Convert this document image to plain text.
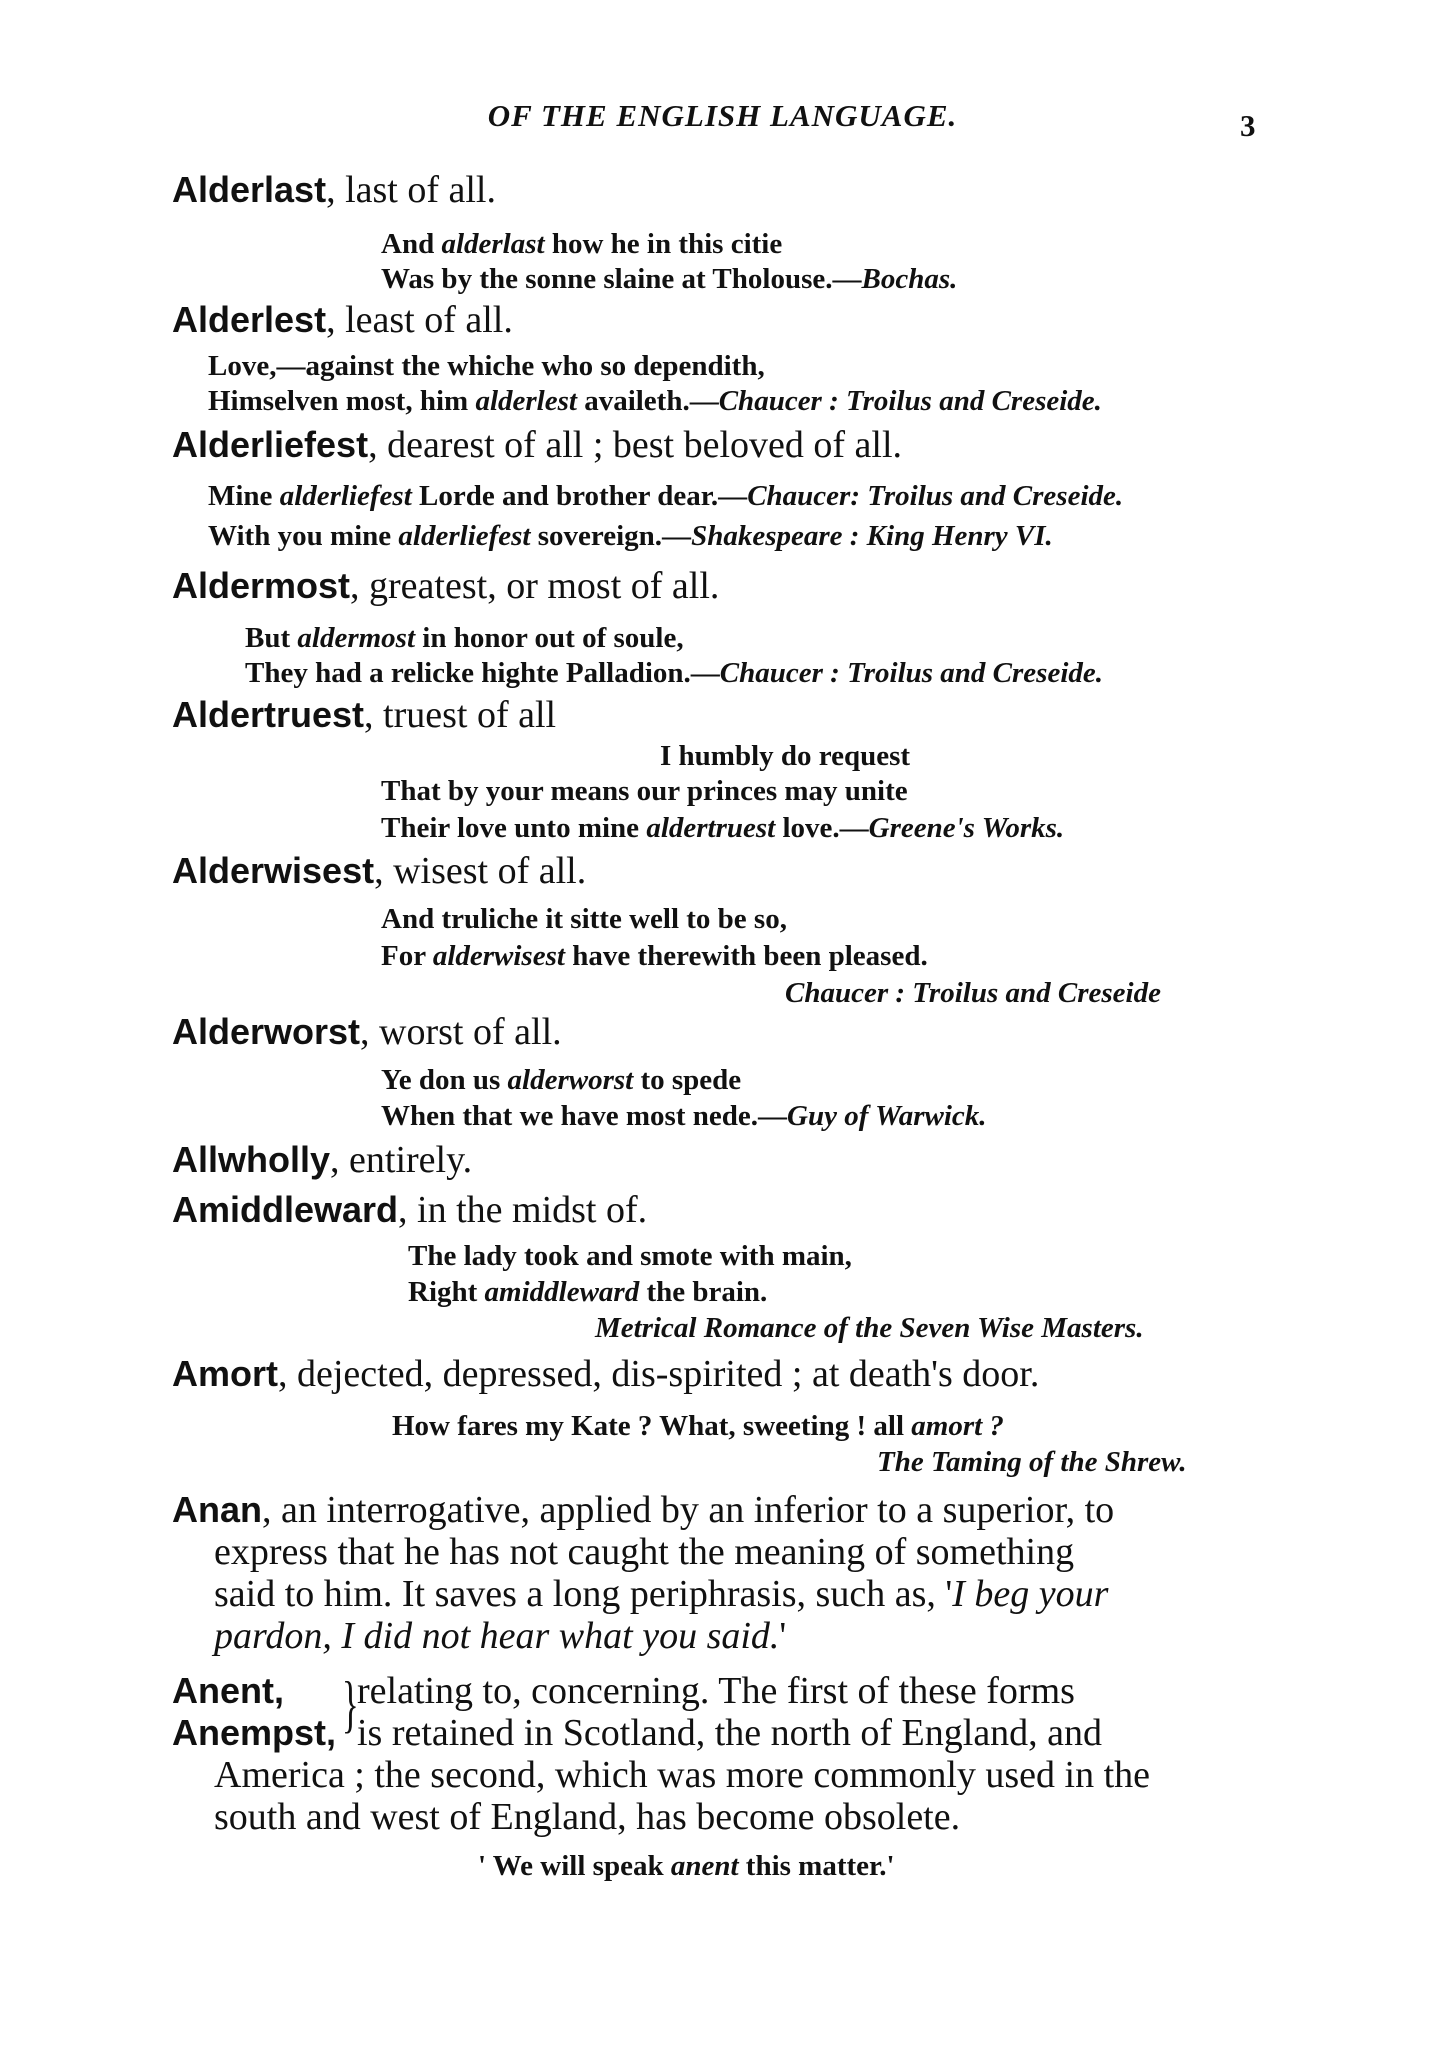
OF THE ENGLISH LANGUAGE.	3
Alderlast, last of all.
And alderlast how he in this citie
Was by the sonne slaine at Tholouse.—Bochas.
Alderlest, least of all.
Love,—against the whiche who so dependith,
Himselven most, him alderlest availeth.—Chaucer : Troilus and Creseide.
Alderliefest, dearest of all ; best beloved of all.
Mine alderliefest Lorde and brother dear.—Chaucer: Troilus and Creseide.
With you mine alderliefest sovereign.—Shakespeare : King Henry VI.
Aldermost, greatest, or most of all.
But aldermost in honor out of soule,
They had a relicke highte Palladion.—Chaucer : Troilus and Creseide.
Aldertruest, truest of all
I humbly do request
That by your means our princes may unite
Their love unto mine aldertruest love.—Greene's Works.
Alderwisest, wisest of all.
And truliche it sitte well to be so,
For alderwisest have therewith been pleased.
Chaucer : Troilus and Creseide
Alderworst, worst of all.
Ye don us alderworst to spede
When that we have most nede.—Guy of Warwick.
Allwholly, entirely.
Amiddleward, in the midst of.
The lady took and smote with main,
Right amiddleward the brain.
Metrical Romance of the Seven Wise Masters.
Amort, dejected, depressed, dis-spirited ; at death's door.
How fares my Kate ? What, sweeting ! all amort ?
The Taming of the Shrew.
Anan, an interrogative, applied by an inferior to a superior, to
express that he has not caught the meaning of something
said to him. It saves a long periphrasis, such as, 'I beg your
pardon, I did not hear what you said.'
Anent,
Anempst, }
relating to, concerning. The first of these forms
is retained in Scotland, the north of England, and
America ; the second, which was more commonly used in the
south and west of England, has become obsolete.
' We will speak anent this matter.'
